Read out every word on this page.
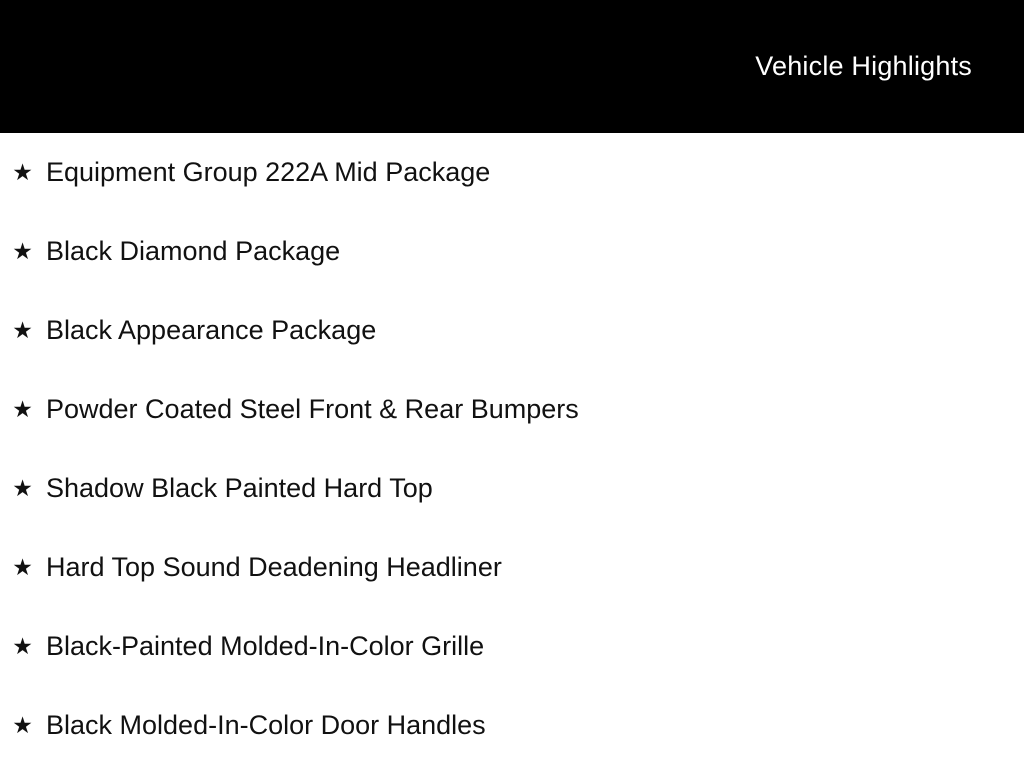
Vehicle Highlights
★ Equipment Group 222A Mid Package
★ Black Diamond Package
★ Black Appearance Package
★ Powder Coated Steel Front & Rear Bumpers
★ Shadow Black Painted Hard Top
★ Hard Top Sound Deadening Headliner
★ Black-Painted Molded-In-Color Grille
★ Black Molded-In-Color Door Handles
